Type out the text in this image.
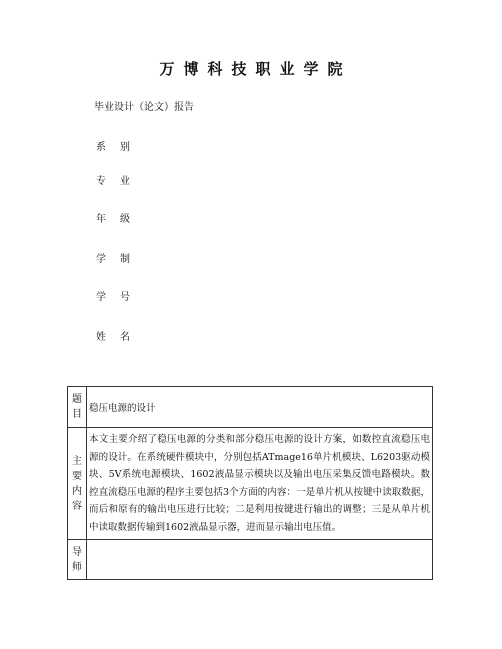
万博科技职业学院
毕业设计（论文）报告
系别
专业
年级
学制
学号
姓名
题目	稳压电源的设计
主要内容	本文主要介绍了稳压电源的分类和部分稳压电源的设计方案，如数控直流稳压电源的设计。在系统硬件模块中，分别包括ATmage16单片机模块、L6203驱动模块、5V系统电源模块、1602液晶显示模块以及输出电压采集反馈电路模块。数控直流稳压电源的程序主要包括3个方面的内容：一是单片机从按键中读取数据，而后和原有的输出电压进行比较；二是利用按键进行输出的调整；三是从单片机中读取数据传输到1602液晶显示器，进而显示输出电压值。
导师	
